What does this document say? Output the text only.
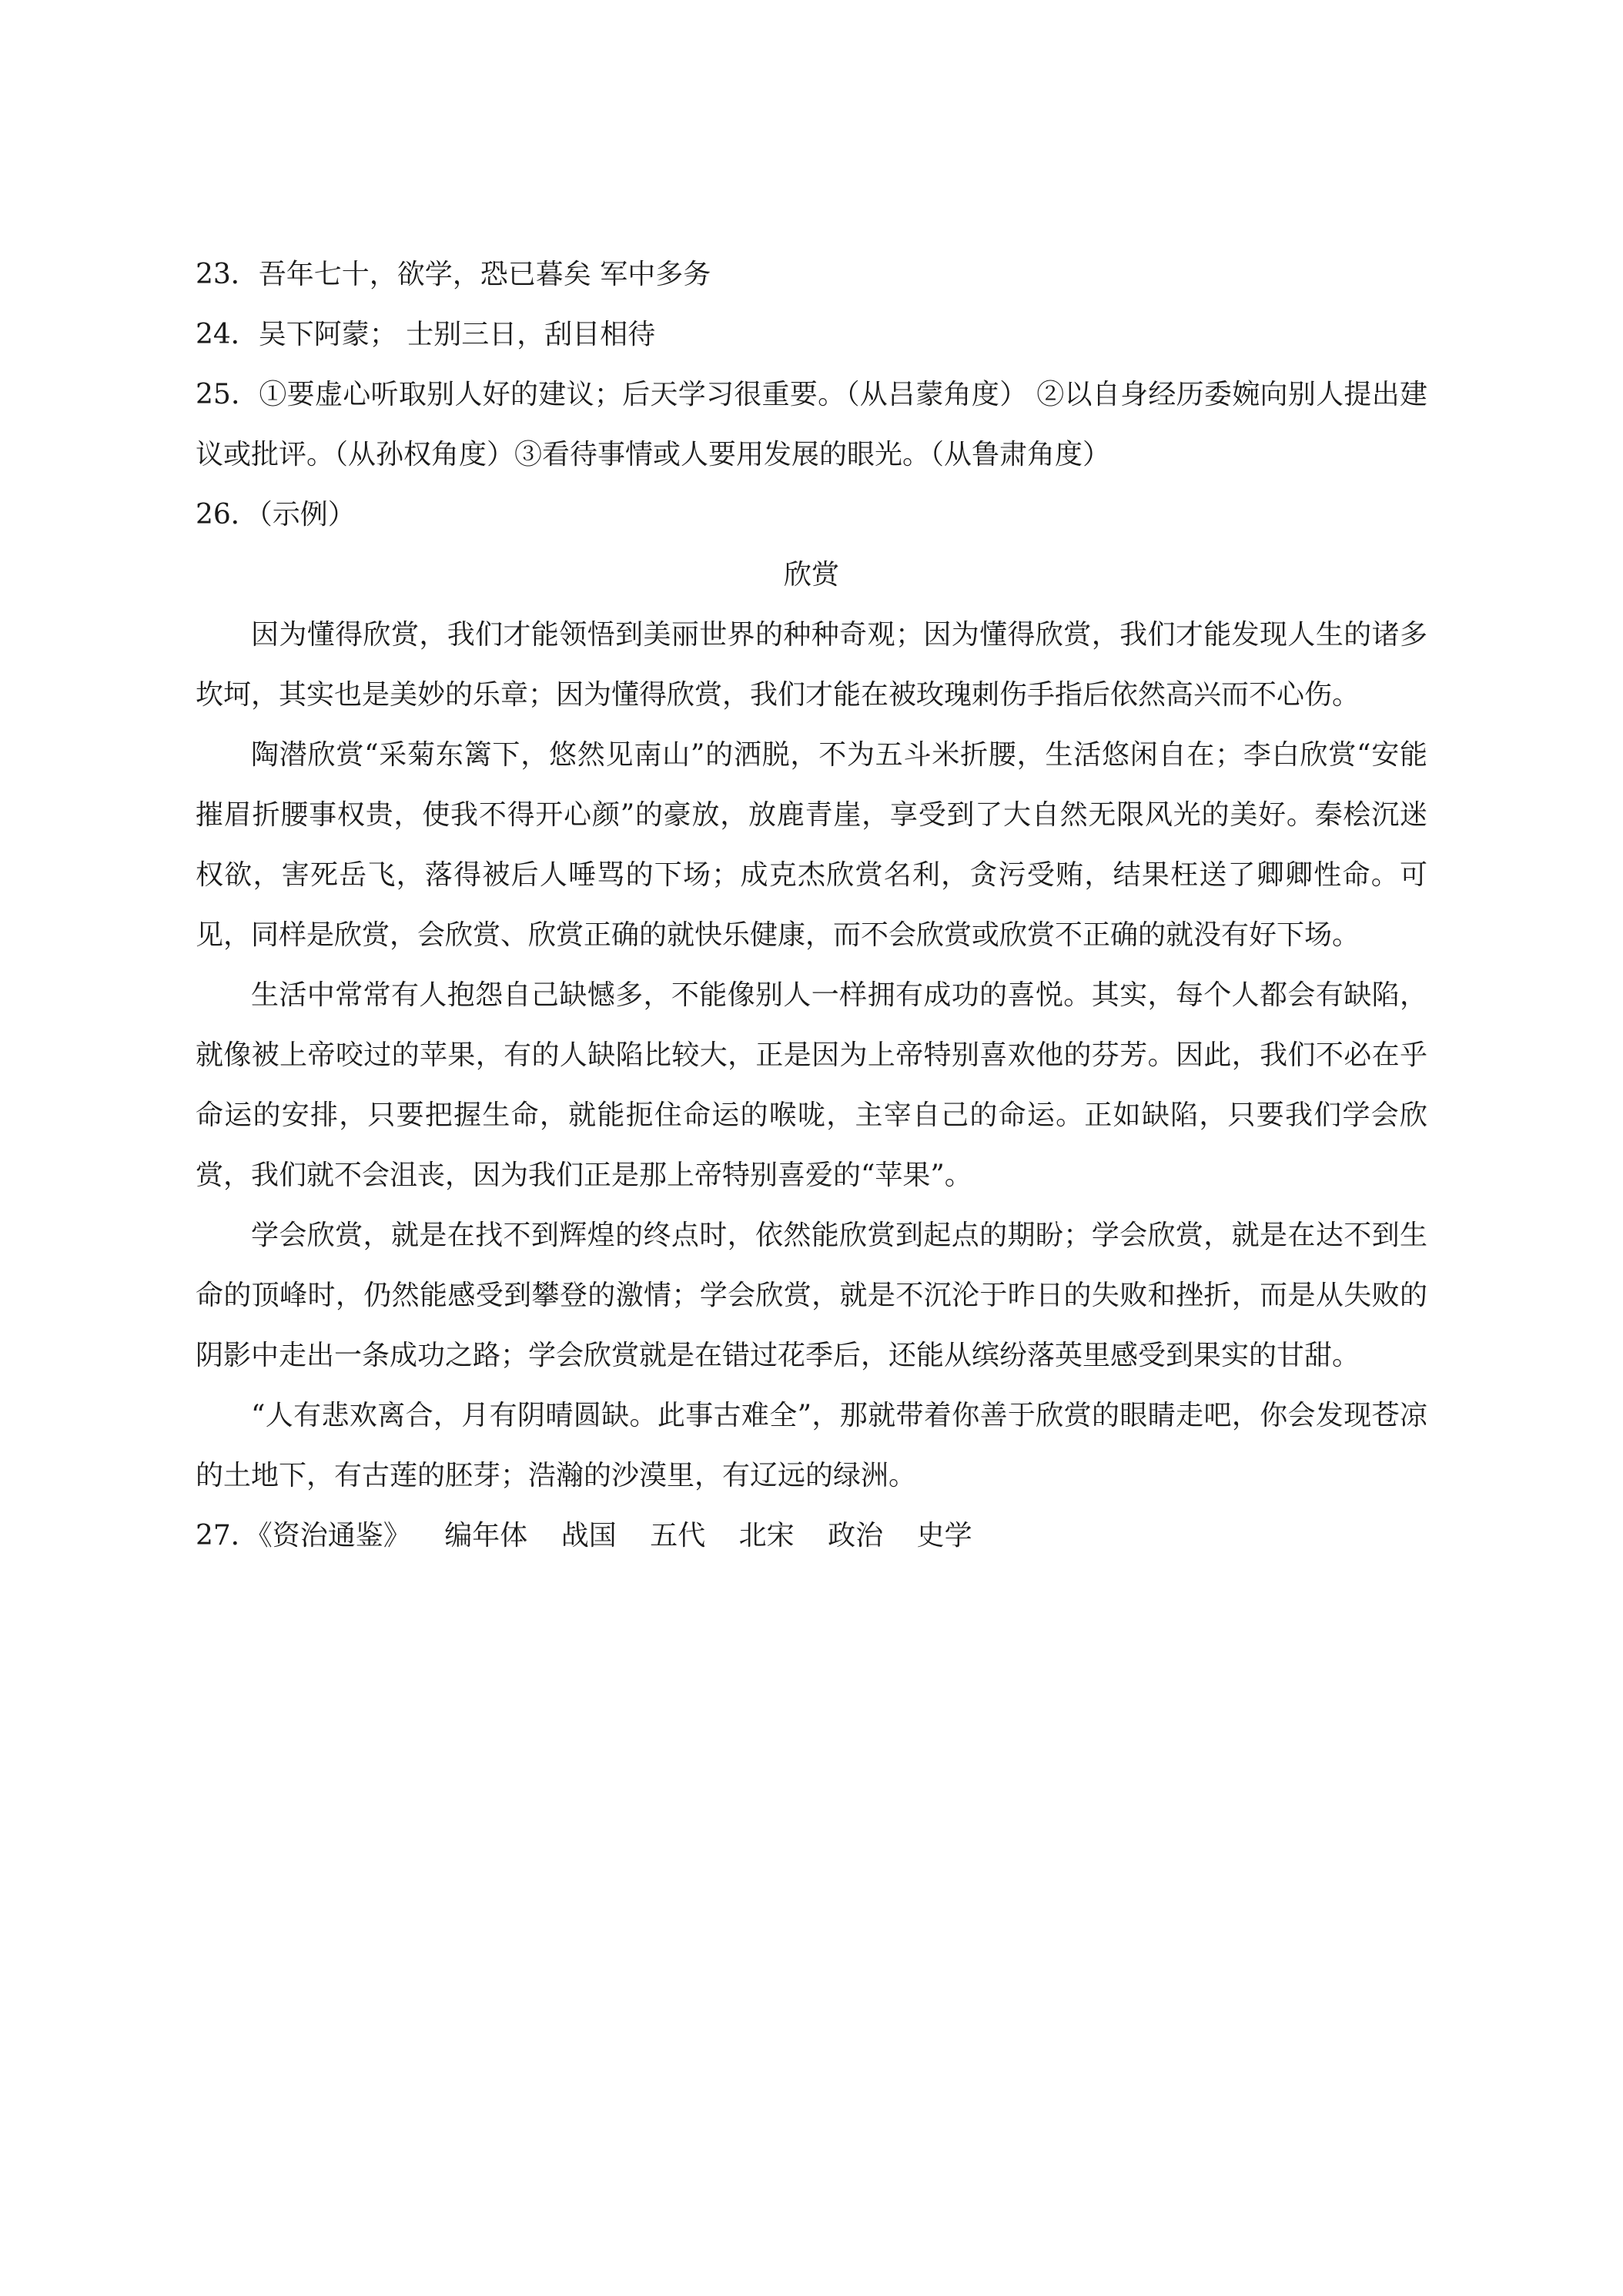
23．吾年七十，欲学，恐已暮矣 军中多务

24．吴下阿蒙； 士别三日，刮目相待

25．①要虚心听取别人好的建议；后天学习很重要。（从吕蒙角度） ②以自身经历委婉向别人提出建议或批评。（从孙权角度）③看待事情或人要用发展的眼光。（从鲁肃角度）

26．（示例）

欣赏

因为懂得欣赏，我们才能领悟到美丽世界的种种奇观；因为懂得欣赏，我们才能发现人生的诸多坎坷，其实也是美妙的乐章；因为懂得欣赏，我们才能在被玫瑰刺伤手指后依然高兴而不心伤。

陶潜欣赏“采菊东篱下，悠然见南山”的洒脱，不为五斗米折腰，生活悠闲自在；李白欣赏“安能摧眉折腰事权贵，使我不得开心颜”的豪放，放鹿青崖，享受到了大自然无限风光的美好。秦桧沉迷权欲，害死岳飞，落得被后人唾骂的下场；成克杰欣赏名利，贪污受贿，结果枉送了卿卿性命。可见，同样是欣赏，会欣赏、欣赏正确的就快乐健康，而不会欣赏或欣赏不正确的就没有好下场。

生活中常常有人抱怨自己缺憾多，不能像别人一样拥有成功的喜悦。其实，每个人都会有缺陷，就像被上帝咬过的苹果，有的人缺陷比较大，正是因为上帝特别喜欢他的芬芳。因此，我们不必在乎命运的安排，只要把握生命，就能扼住命运的喉咙，主宰自己的命运。正如缺陷，只要我们学会欣赏，我们就不会沮丧，因为我们正是那上帝特别喜爱的“苹果”。

学会欣赏，就是在找不到辉煌的终点时，依然能欣赏到起点的期盼；学会欣赏，就是在达不到生命的顶峰时，仍然能感受到攀登的激情；学会欣赏，就是不沉沦于昨日的失败和挫折，而是从失败的阴影中走出一条成功之路；学会欣赏就是在错过花季后，还能从缤纷落英里感受到果实的甘甜。

“人有悲欢离合，月有阴晴圆缺。此事古难全”，那就带着你善于欣赏的眼睛走吧，你会发现苍凉的土地下，有古莲的胚芽；浩瀚的沙漠里，有辽远的绿洲。

27．《资治通鉴》 编年体 战国 五代 北宋 政治 史学
